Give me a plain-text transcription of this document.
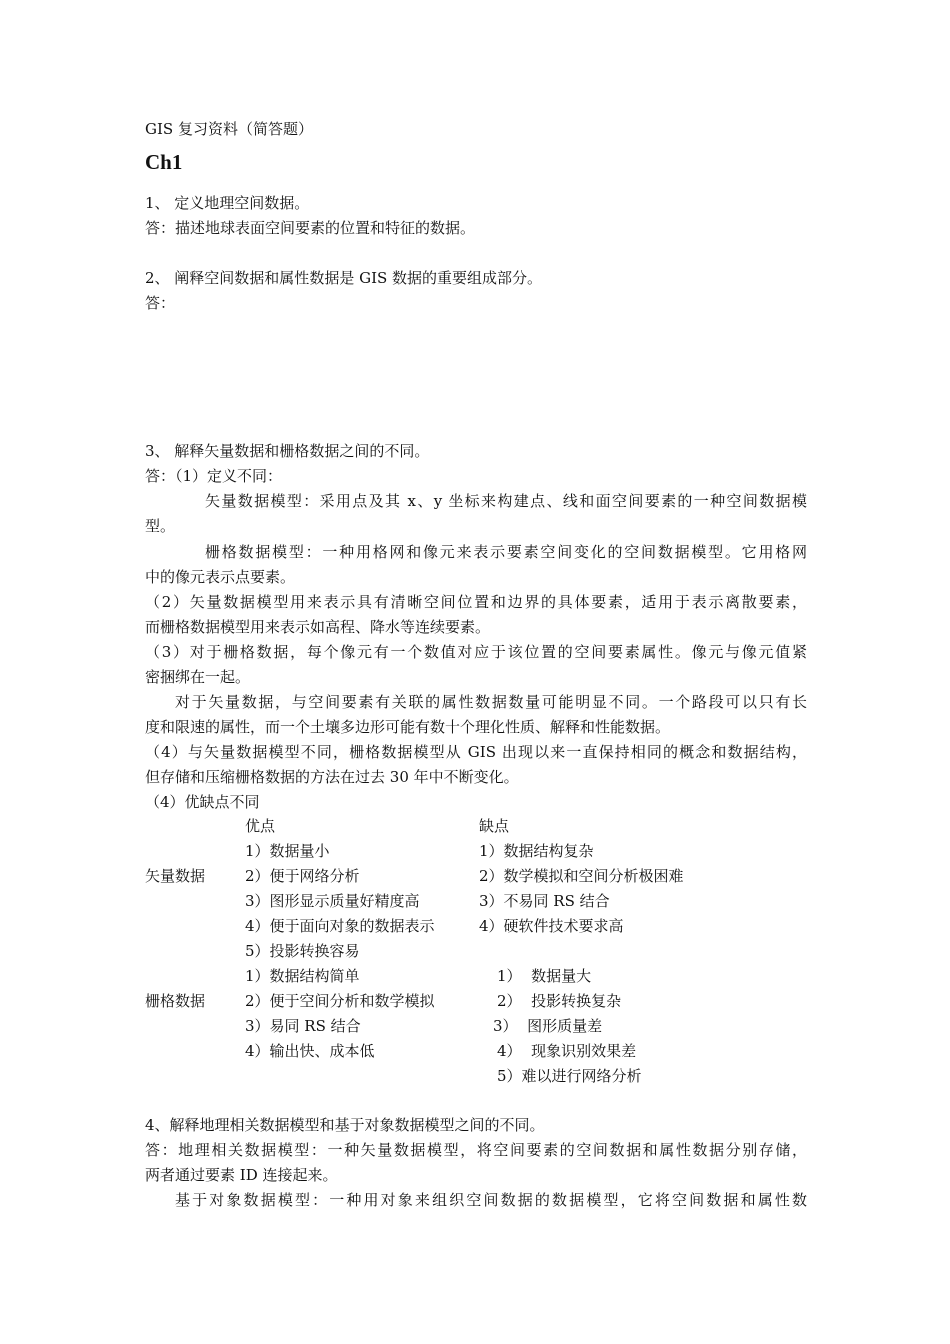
GIS 复习资料（简答题）
Ch1
1、 定义地理空间数据。
答：描述地球表面空间要素的位置和特征的数据。
2、 阐释空间数据和属性数据是 GIS 数据的重要组成部分。
答：
3、 解释矢量数据和栅格数据之间的不同。
答：（1）定义不同：
矢量数据模型：采用点及其 x、y 坐标来构建点、线和面空间要素的一种空间数据模
型。
栅格数据模型：一种用格网和像元来表示要素空间变化的空间数据模型。它用格网
中的像元表示点要素。
（2）矢量数据模型用来表示具有清晰空间位置和边界的具体要素，适用于表示离散要素，
而栅格数据模型用来表示如高程、降水等连续要素。
（3）对于栅格数据，每个像元有一个数值对应于该位置的空间要素属性。像元与像元值紧
密捆绑在一起。
对于矢量数据，与空间要素有关联的属性数据数量可能明显不同。一个路段可以只有长
度和限速的属性，而一个土壤多边形可能有数十个理化性质、解释和性能数据。
（4）与矢量数据模型不同，栅格数据模型从 GIS 出现以来一直保持相同的概念和数据结构，
但存储和压缩栅格数据的方法在过去 30 年中不断变化。
（4）优缺点不同
优点	缺点
矢量数据
1）数据量小
2）便于网络分析
3）图形显示质量好精度高
4）便于面向对象的数据表示
5）投影转换容易
1）数据结构复杂
2）数学模拟和空间分析极困难
3）不易同 RS 结合
4）硬软件技术要求高
栅格数据
1）数据结构简单
2）便于空间分析和数学模拟
3）易同 RS 结合
4）输出快、成本低
1）  数据量大
2）  投影转换复杂
3）  图形质量差
4）  现象识别效果差
5）难以进行网络分析
4、解释地理相关数据模型和基于对象数据模型之间的不同。
答：地理相关数据模型：一种矢量数据模型，将空间要素的空间数据和属性数据分别存储，
两者通过要素 ID 连接起来。
基于对象数据模型：一种用对象来组织空间数据的数据模型，它将空间数据和属性数
